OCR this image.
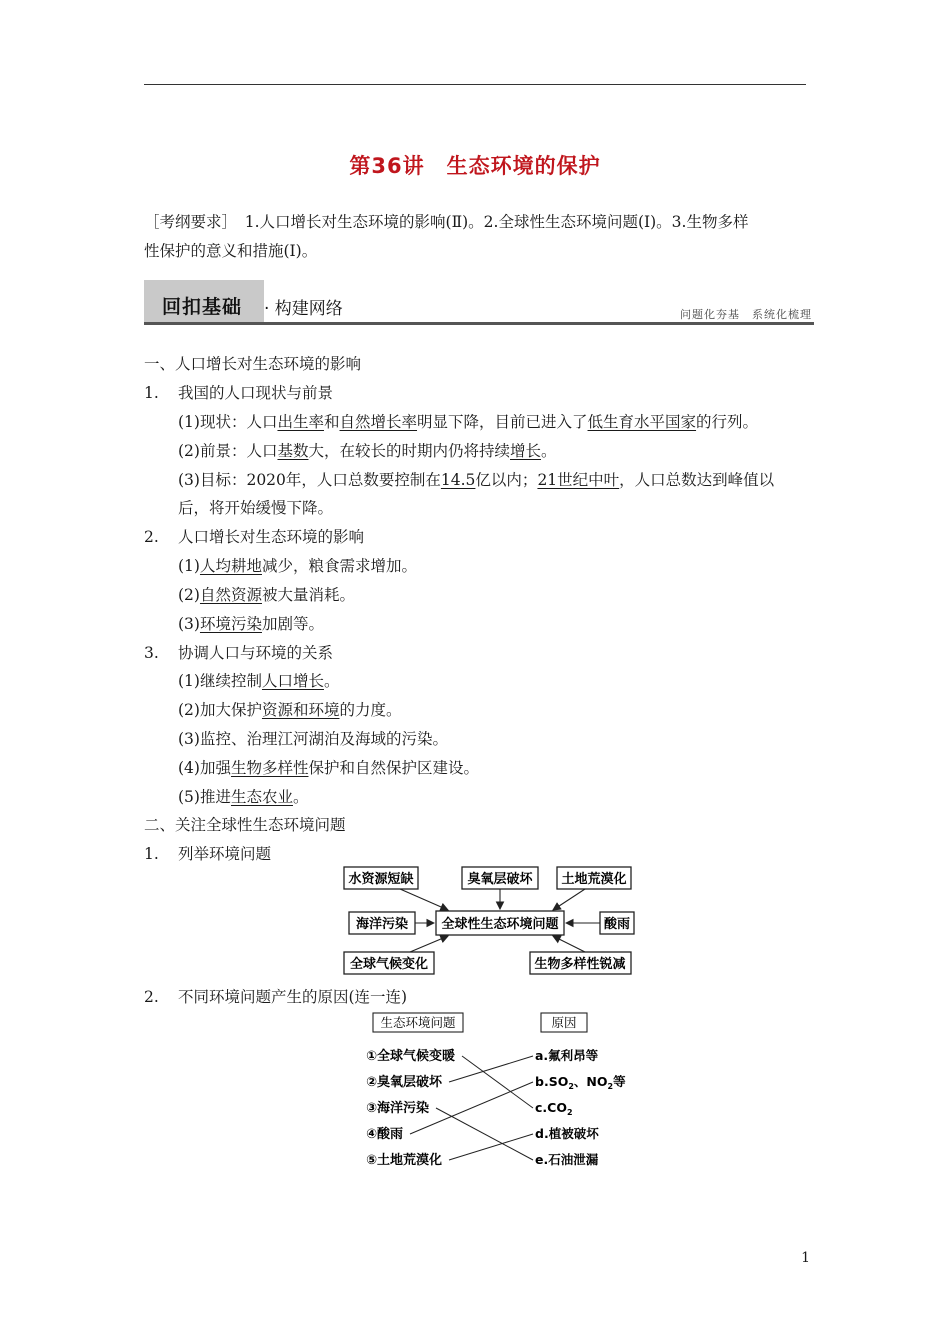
第36讲　生态环境的保护
［考纲要求］　1.人口增长对生态环境的影响(Ⅱ)。2.全球性生态环境问题(Ⅰ)。3.生物多样
性保护的意义和措施(Ⅰ)。
回扣基础 · 构建网络	问题化夯基　系统化梳理
一、人口增长对生态环境的影响
1. 我国的人口现状与前景
(1)现状：人口出生率和自然增长率明显下降，目前已进入了低生育水平国家的行列。
(2)前景：人口基数大，在较长的时期内仍将持续增长。
(3)目标：2020年，人口总数要控制在14.5亿以内；21世纪中叶，人口总数达到峰值以
后，将开始缓慢下降。
2. 人口增长对生态环境的影响
(1)人均耕地减少，粮食需求增加。
(2)自然资源被大量消耗。
(3)环境污染加剧等。
3. 协调人口与环境的关系
(1)继续控制人口增长。
(2)加大保护资源和环境的力度。
(3)监控、治理江河湖泊及海域的污染。
(4)加强生物多样性保护和自然保护区建设。
(5)推进生态农业。
二、关注全球性生态环境问题
1. 列举环境问题
全球性生态环境问题
水资源短缺	臭氧层破坏 土地荒漠化
海洋污染	酸雨
全球气候变化	生物多样性锐减
生态环境问题	原因
①全球气候变暖
②臭氧层破坏
③海洋污染
④酸雨
⑤土地荒漠化
a.氟利昂等
$b.SO_2$、$NO_2$等
$c.CO_2$
d.植被破坏
e.石油泄漏
2. 不同环境问题产生的原因(连一连)
1
